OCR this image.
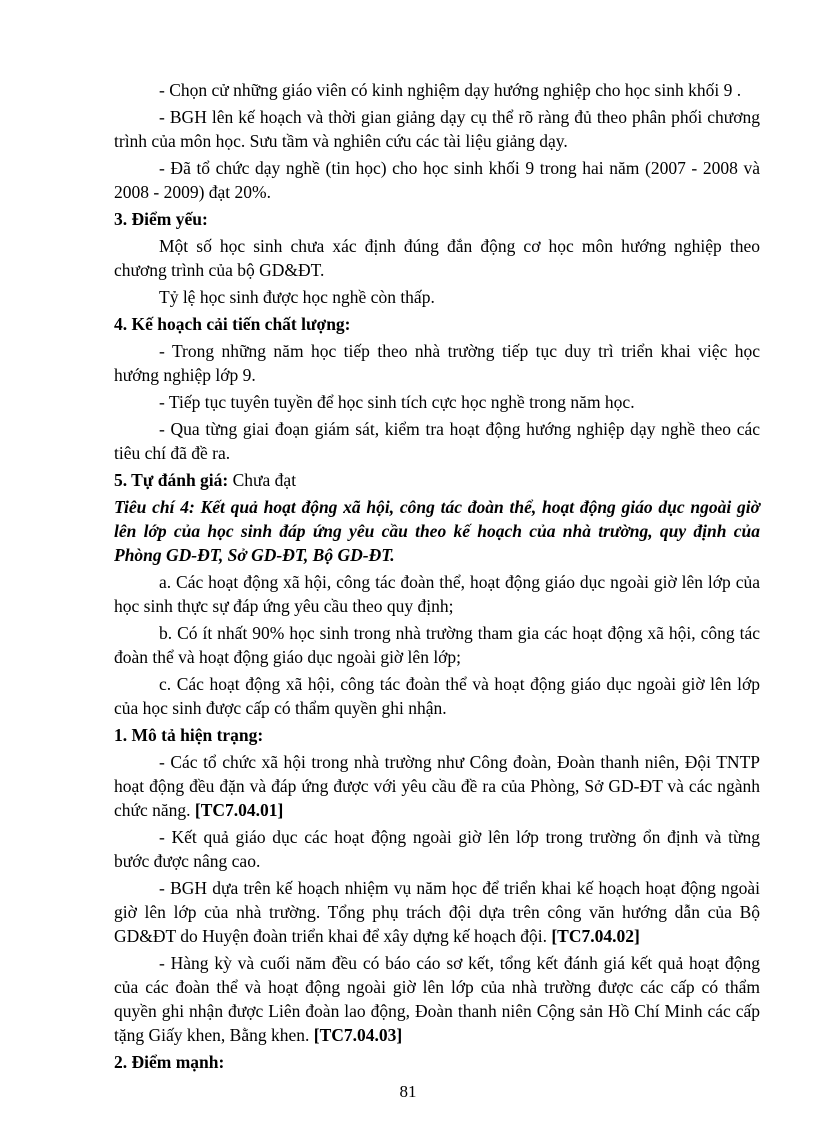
- Chọn cử những giáo viên có kinh nghiệm dạy hướng nghiệp cho học sinh khối 9 .

- BGH lên kế hoạch và thời gian giảng dạy cụ thể rõ ràng đủ theo phân phối chương trình của môn học. Sưu tầm và nghiên cứu các tài liệu giảng dạy.

- Đã tổ chức dạy nghề (tin học) cho học sinh khối 9 trong hai năm (2007 - 2008 và 2008 - 2009) đạt 20%.

3. Điểm yếu:

Một số học sinh chưa xác định đúng đắn động cơ học môn hướng nghiệp theo chương trình của bộ GD&ĐT.

Tỷ lệ học sinh được học nghề còn thấp.

4. Kế hoạch cải tiến chất lượng:

- Trong những năm học tiếp theo nhà trường tiếp tục duy trì triển khai việc học hướng nghiệp lớp 9.

- Tiếp tục tuyên tuyền để học sinh tích cực học nghề trong năm học.

- Qua từng giai đoạn giám sát, kiểm tra hoạt động hướng nghiệp dạy nghề theo các tiêu chí đã đề ra.

5. Tự đánh giá: Chưa đạt

Tiêu chí 4: Kết quả hoạt động xã hội, công tác đoàn thể, hoạt động giáo dục ngoài giờ lên lớp của học sinh đáp ứng yêu cầu theo kế hoạch của nhà trường, quy định của Phòng GD-ĐT, Sở GD-ĐT, Bộ GD-ĐT.

a. Các hoạt động xã hội, công tác đoàn thể, hoạt động giáo dục ngoài giờ lên lớp của học sinh thực sự đáp ứng yêu cầu theo quy định;

b. Có ít nhất 90% học sinh trong nhà trường tham gia các hoạt động xã hội, công tác đoàn thể và hoạt động giáo dục ngoài giờ lên lớp;

c. Các hoạt động xã hội, công tác đoàn thể và hoạt động giáo dục ngoài giờ lên lớp của học sinh được cấp có thẩm quyền ghi nhận.

1. Mô tả hiện trạng:

- Các tổ chức xã hội trong nhà trường như Công đoàn, Đoàn thanh niên, Đội TNTP hoạt động đều đặn và đáp ứng được với yêu cầu đề ra của Phòng, Sở GD-ĐT và các ngành chức năng. [TC7.04.01]

- Kết quả giáo dục các hoạt động ngoài giờ lên lớp trong trường ổn định và từng bước được nâng cao.

- BGH dựa trên kế hoạch nhiệm vụ năm học để triển khai kế hoạch hoạt động ngoài giờ lên lớp của nhà trường. Tổng phụ trách đội dựa trên công văn hướng dẫn của Bộ GD&ĐT do Huyện đoàn triển khai để xây dựng kế hoạch đội. [TC7.04.02]

- Hàng kỳ và cuối năm đều có báo cáo sơ kết, tổng kết đánh giá kết quả hoạt động của các đoàn thể và hoạt động ngoài giờ lên lớp của nhà trường được các cấp có thẩm quyền ghi nhận được Liên đoàn lao động, Đoàn thanh niên Cộng sản Hồ Chí Minh các cấp tặng Giấy khen, Bằng khen. [TC7.04.03]

2. Điểm mạnh:

81
